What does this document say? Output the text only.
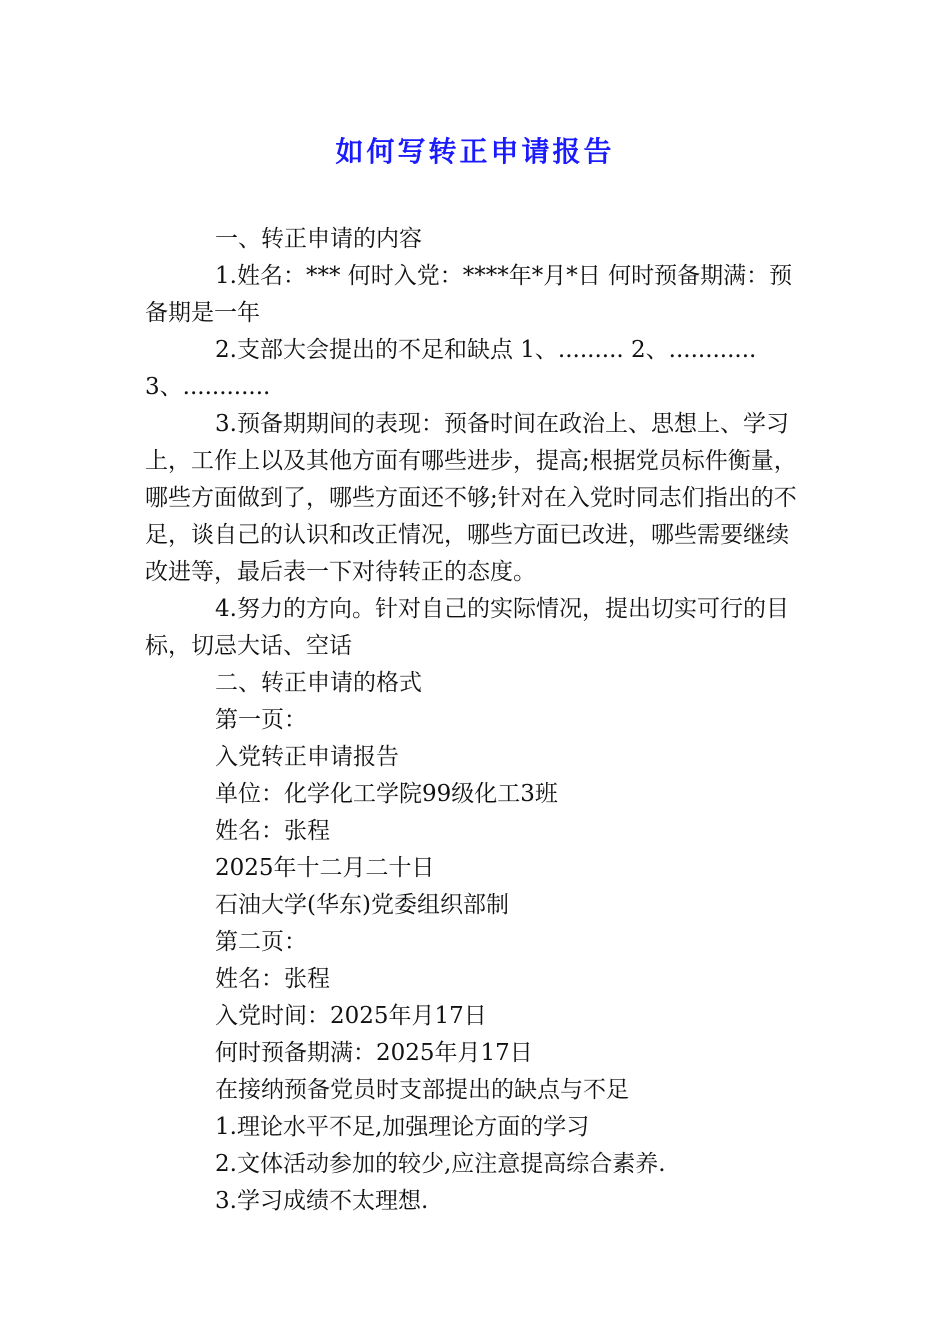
如何写转正申请报告

一、转正申请的内容

1.姓名：*** 何时入党：****年*月*日 何时预备期满：预备期是一年

2.支部大会提出的不足和缺点 1、......... 2、............ 3、............

3.预备期期间的表现：预备时间在政治上、思想上、学习上，工作上以及其他方面有哪些进步，提高;根据党员标件衡量，哪些方面做到了，哪些方面还不够;针对在入党时同志们指出的不足，谈自己的认识和改正情况，哪些方面已改进，哪些需要继续改进等，最后表一下对待转正的态度。

4.努力的方向。针对自己的实际情况，提出切实可行的目标，切忌大话、空话

二、转正申请的格式

第一页：

入党转正申请报告

单位：化学化工学院99级化工3班

姓名：张程

2025年十二月二十日

石油大学(华东)党委组织部制

第二页：

姓名：张程

入党时间：2025年月17日

何时预备期满：2025年月17日

在接纳预备党员时支部提出的缺点与不足

1.理论水平不足,加强理论方面的学习

2.文体活动参加的较少,应注意提高综合素养.

3.学习成绩不太理想.
